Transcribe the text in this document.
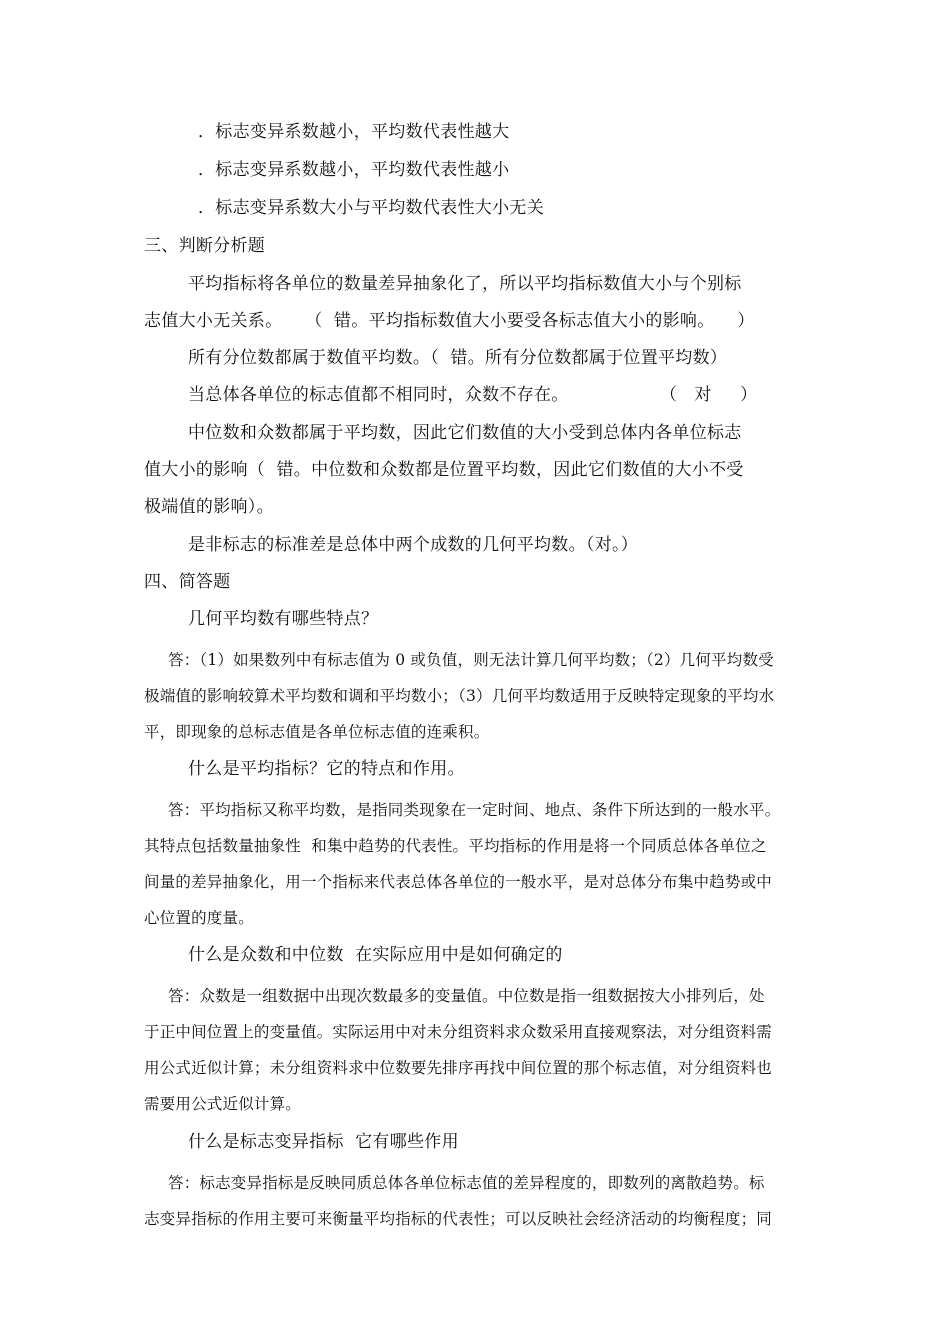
．标志变异系数越小，平均数代表性越大
．标志变异系数越小，平均数代表性越小
．标志变异系数大小与平均数代表性大小无关
三、判断分析题
平均指标将各单位的数量差异抽象化了，所以平均指标数值大小与个别标
志值大小无关系。    （  错。平均指标数值大小要受各标志值大小的影响。    ）
所有分位数都属于数值平均数。（  错。所有分位数都属于位置平均数）
当总体各单位的标志值都不相同时，众数不存在。                （   对     ）
中位数和众数都属于平均数，因此它们数值的大小受到总体内各单位标志
值大小的影响（  错。中位数和众数都是位置平均数，因此它们数值的大小不受
极端值的影响）。
是非标志的标准差是总体中两个成数的几何平均数。（对。）
四、简答题
几何平均数有哪些特点？
答：（1）如果数列中有标志值为 0 或负值，则无法计算几何平均数；（2）几何平均数受
极端值的影响较算术平均数和调和平均数小；（3）几何平均数适用于反映特定现象的平均水
平，即现象的总标志值是各单位标志值的连乘积。
什么是平均指标？它的特点和作用。
答：平均指标又称平均数，是指同类现象在一定时间、地点、条件下所达到的一般水平。
其特点包括数量抽象性  和集中趋势的代表性。平均指标的作用是将一个同质总体各单位之
间量的差异抽象化，用一个指标来代表总体各单位的一般水平，是对总体分布集中趋势或中
心位置的度量。
什么是众数和中位数  在实际应用中是如何确定的
答：众数是一组数据中出现次数最多的变量值。中位数是指一组数据按大小排列后，处
于正中间位置上的变量值。实际运用中对未分组资料求众数采用直接观察法，对分组资料需
用公式近似计算；未分组资料求中位数要先排序再找中间位置的那个标志值，对分组资料也
需要用公式近似计算。
什么是标志变异指标  它有哪些作用
答：标志变异指标是反映同质总体各单位标志值的差异程度的，即数列的离散趋势。标
志变异指标的作用主要可来衡量平均指标的代表性；可以反映社会经济活动的均衡程度；同
